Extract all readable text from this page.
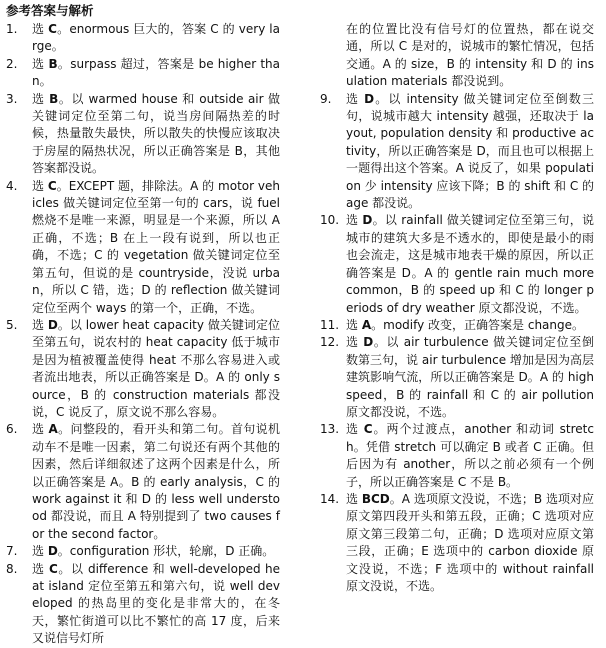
参考答案与解析
1.	选 C。enormous 巨大的，答案 C 的 very large。
2.	选 B。surpass 超过，答案是 be higher than。
3.	选 B。以 warmed house 和 outside air 做关键词定位至第二句，说当房间隔热差的时候，热量散失最快，所以散失的快慢应该取决于房屋的隔热状况，所以正确答案是 B，其他答案都没说。
4.	选 C。EXCEPT 题，排除法。A 的 motor vehicles 做关键词定位至第一句的 cars，说 fuel 燃烧不是唯一来源，明显是一个来源，所以 A 正确，不选；B 在上一段有说到，所以也正确，不选；C 的 vegetation 做关键词定位至第五句，但说的是 countryside，没说 urban，所以 C 错，选；D 的 reflection 做关键词定位至两个 ways 的第一个，正确，不选。
5.	选 D。以 lower heat capacity 做关键词定位至第五句，说农村的 heat capacity 低于城市是因为植被覆盖使得 heat 不那么容易进入或者流出地表，所以正确答案是 D。A 的 only source，B 的 construction materials 都没说，C 说反了，原文说不那么容易。
6.	选 A。问整段的，看开头和第二句。首句说机动车不是唯一因素，第二句说还有两个其他的因素，然后详细叙述了这两个因素是什么，所以正确答案是 A。B 的 early analysis，C 的 work against it 和 D 的 less well understood 都没说，而且 A 特别提到了 two causes for the second factor。
7.	选 D。configuration 形状，轮廓，D 正确。
8.	选 C。以 difference 和 well-developed heat island 定位至第五和第六句，说 well developed 的热岛里的变化是非常大的，在冬天，繁忙街道可以比不繁忙的高 17 度，后来又说信号灯所
在的位置比没有信号灯的位置热，都在说交通，所以 C 是对的，说城市的繁忙情况，包括交通。A 的 size，B 的 intensity 和 D 的 insulation materials 都没说到。
9.	选 D。以 intensity 做关键词定位至倒数三句，说城市越大 intensity 越强，还取决于 layout, population density 和 productive activity，所以正确答案是 D，而且也可以根据上一题得出这个答案。A 说反了，如果 population 少 intensity 应该下降；B 的 shift 和 C 的 age 都没说。
10. 选 D。以 rainfall 做关键词定位至第三句，说城市的建筑大多是不透水的，即使是最小的雨也会流走，这是城市地表干燥的原因，所以正确答案是 D。A 的 gentle rain much more common，B 的 speed up 和 C 的 longer periods of dry weather 原文都没说，不选。
11. 选 A。modify 改变，正确答案是 change。
12. 选 D。以 air turbulence 做关键词定位至倒数第三句，说 air turbulence 增加是因为高层建筑影响气流，所以正确答案是 D。A 的 high speed，B 的 rainfall 和 C 的 air pollution 原文都没说，不选。
13. 选 C。两个过渡点，another 和动词 stretch。凭借 stretch 可以确定 B 或者 C 正确。但后因为有 another，所以之前必须有一个例子，所以正确答案是 C 不是 B。
14. 选 BCD。A 选项原文没说，不选；B 选项对应原文第四段开头和第五段，正确；C 选项对应原文第三段第二句，正确；D 选项对应原文第三段，正确；E 选项中的 carbon dioxide 原文没说，不选；F 选项中的 without rainfall 原文没说，不选。
